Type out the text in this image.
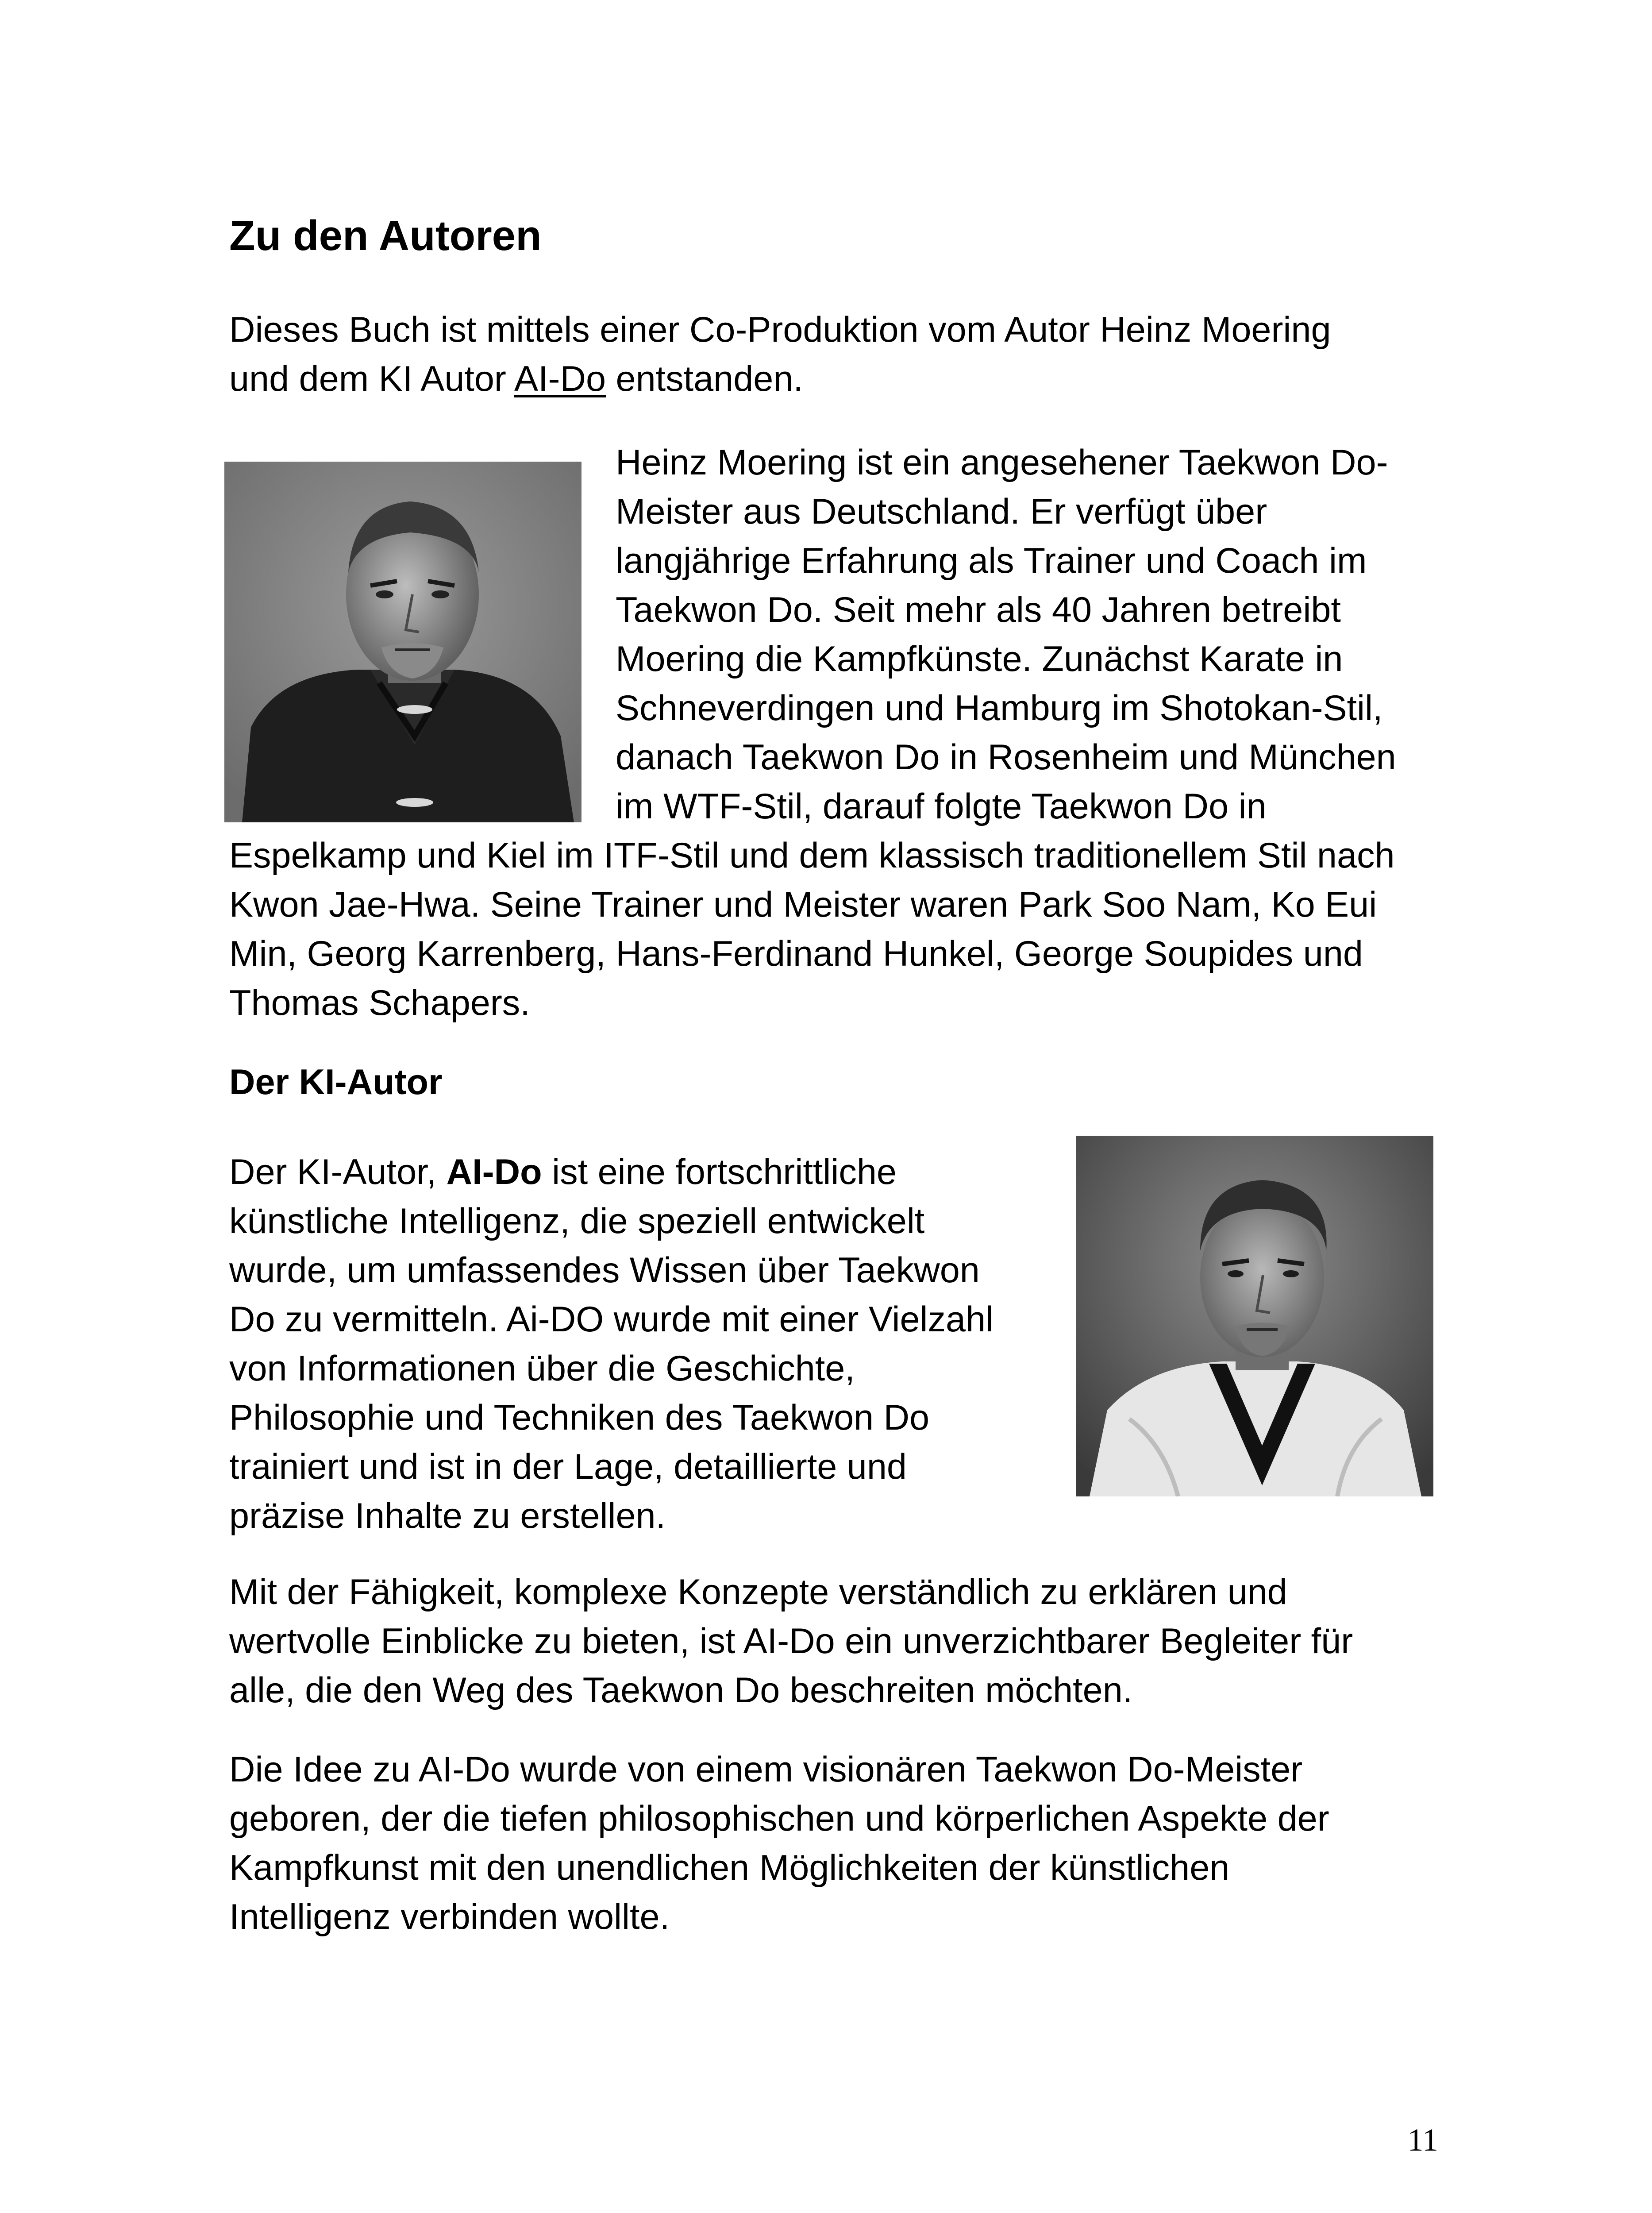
Zu den Autoren
Dieses Buch ist mittels einer Co-Produktion vom Autor Heinz Moering
und dem KI Autor AI-Do entstanden.
Heinz Moering ist ein angesehener Taekwon Do-
Meister aus Deutschland. Er verfügt über
langjährige Erfahrung als Trainer und Coach im
Taekwon Do. Seit mehr als 40 Jahren betreibt
Moering die Kampfkünste. Zunächst Karate in
Schneverdingen und Hamburg im Shotokan-Stil,
danach Taekwon Do in Rosenheim und München
im WTF-Stil, darauf folgte Taekwon Do in
Espelkamp und Kiel im ITF-Stil und dem klassisch traditionellem Stil nach
Kwon Jae-Hwa. Seine Trainer und Meister waren Park Soo Nam, Ko Eui
Min, Georg Karrenberg, Hans-Ferdinand Hunkel, George Soupides und
Thomas Schapers.
Der KI-Autor
Der KI-Autor, AI-Do ist eine fortschrittliche
künstliche Intelligenz, die speziell entwickelt
wurde, um umfassendes Wissen über Taekwon
Do zu vermitteln. Ai-DO wurde mit einer Vielzahl
von Informationen über die Geschichte,
Philosophie und Techniken des Taekwon Do
trainiert und ist in der Lage, detaillierte und
präzise Inhalte zu erstellen.
Mit der Fähigkeit, komplexe Konzepte verständlich zu erklären und
wertvolle Einblicke zu bieten, ist AI-Do ein unverzichtbarer Begleiter für
alle, die den Weg des Taekwon Do beschreiten möchten.
Die Idee zu AI-Do wurde von einem visionären Taekwon Do-Meister
geboren, der die tiefen philosophischen und körperlichen Aspekte der
Kampfkunst mit den unendlichen Möglichkeiten der künstlichen
Intelligenz verbinden wollte.
11
